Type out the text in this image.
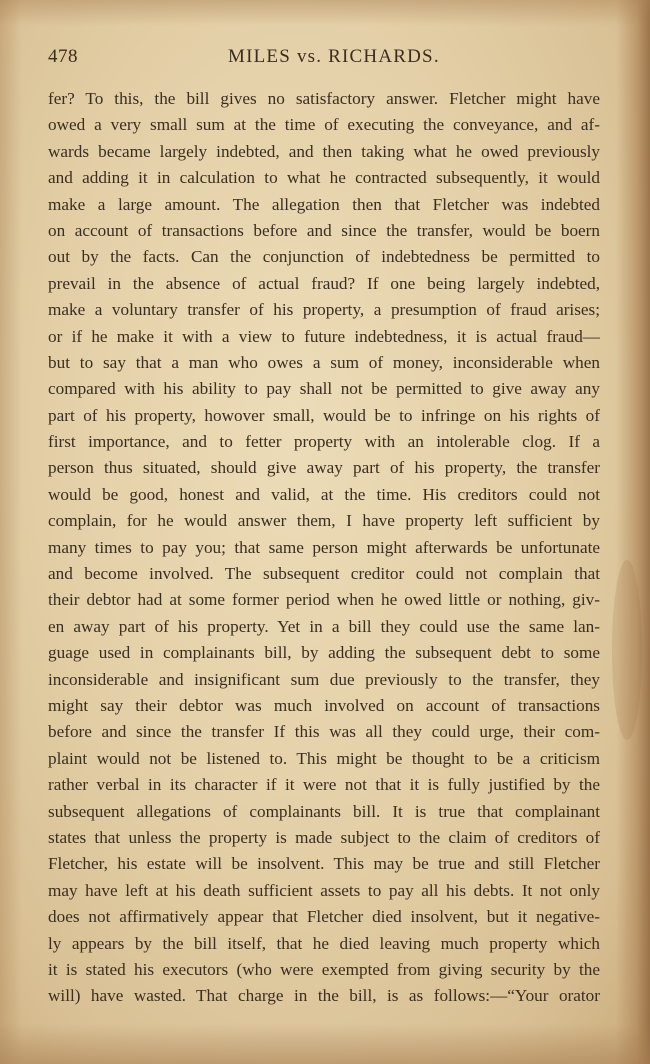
478	MILES vs. RICHARDS.
fer? To this, the bill gives no satisfactory answer. Fletcher might have
owed a very small sum at the time of executing the conveyance, and af-
wards became largely indebted, and then taking what he owed previously
and adding it in calculation to what he contracted subsequently, it would
make a large amount. The allegation then that Fletcher was indebted
on account of transactions before and since the transfer, would be boern
out by the facts. Can the conjunction of indebtedness be permitted to
prevail in the absence of actual fraud? If one being largely indebted,
make a voluntary transfer of his property, a presumption of fraud arises;
or if he make it with a view to future indebtedness, it is actual fraud—
but to say that a man who owes a sum of money, inconsiderable when
compared with his ability to pay shall not be permitted to give away any
part of his property, howover small, would be to infringe on his rights of
first importance, and to fetter property with an intolerable clog. If a
person thus situated, should give away part of his property, the transfer
would be good, honest and valid, at the time. His creditors could not
complain, for he would answer them, I have property left sufficient by
many times to pay you; that same person might afterwards be unfortunate
and become involved. The subsequent creditor could not complain that
their debtor had at some former period when he owed little or nothing, giv-
en away part of his property. Yet in a bill they could use the same lan-
guage used in complainants bill, by adding the subsequent debt to some
inconsiderable and insignificant sum due previously to the transfer, they
might say their debtor was much involved on account of transactions
before and since the transfer If this was all they could urge, their com-
plaint would not be listened to. This might be thought to be a criticism
rather verbal in its character if it were not that it is fully justified by the
subsequent allegations of complainants bill. It is true that complainant
states that unless the property is made subject to the claim of creditors of
Fletcher, his estate will be insolvent. This may be true and still Fletcher
may have left at his death sufficient assets to pay all his debts. It not only
does not affirmatively appear that Fletcher died insolvent, but it negative-
ly appears by the bill itself, that he died leaving much property which
it is stated his executors (who were exempted from giving security by the
will) have wasted. That charge in the bill, is as follows:—“Your orator
